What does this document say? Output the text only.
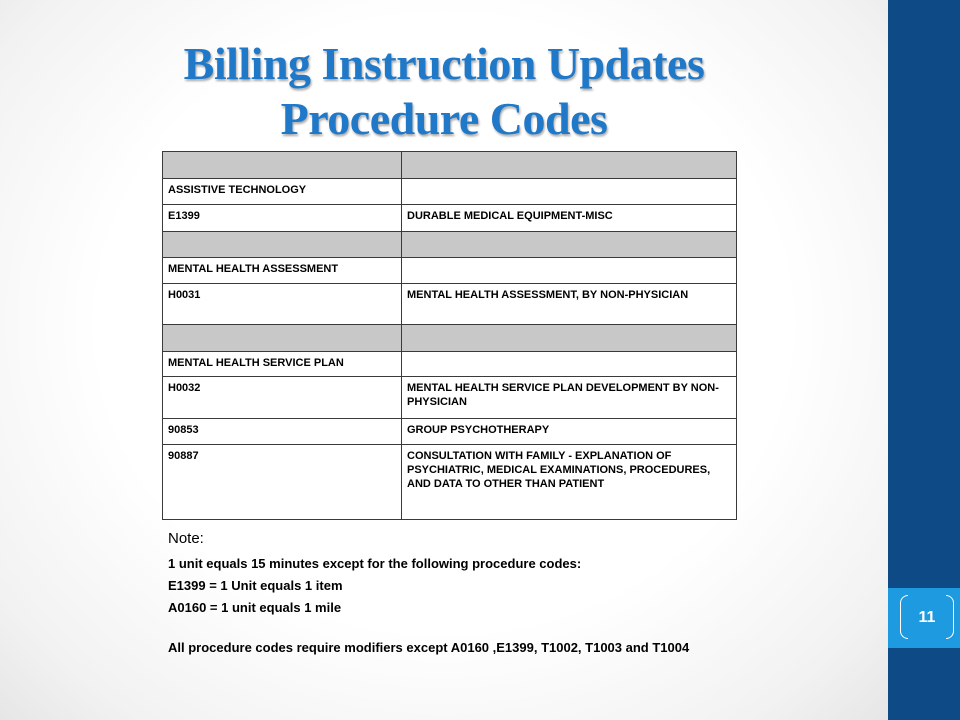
11
Billing Instruction Updates
Procedure Codes

ASSISTIVE TECHNOLOGY	
E1399	DURABLE MEDICAL EQUIPMENT-MISC

MENTAL HEALTH ASSESSMENT	
H0031	MENTAL HEALTH ASSESSMENT, BY NON-PHYSICIAN

MENTAL HEALTH SERVICE PLAN	
H0032	MENTAL HEALTH SERVICE PLAN DEVELOPMENT BY NON-PHYSICIAN
90853	GROUP PSYCHOTHERAPY
90887	CONSULTATION WITH FAMILY - EXPLANATION OF PSYCHIATRIC, MEDICAL EXAMINATIONS, PROCEDURES, AND DATA TO OTHER THAN PATIENT
Note:
1 unit equals 15 minutes except for the following procedure codes:
E1399 = 1 Unit equals 1 item
A0160 = 1 unit equals 1 mile
All procedure codes require modifiers except A0160 ,E1399, T1002, T1003 and T1004
